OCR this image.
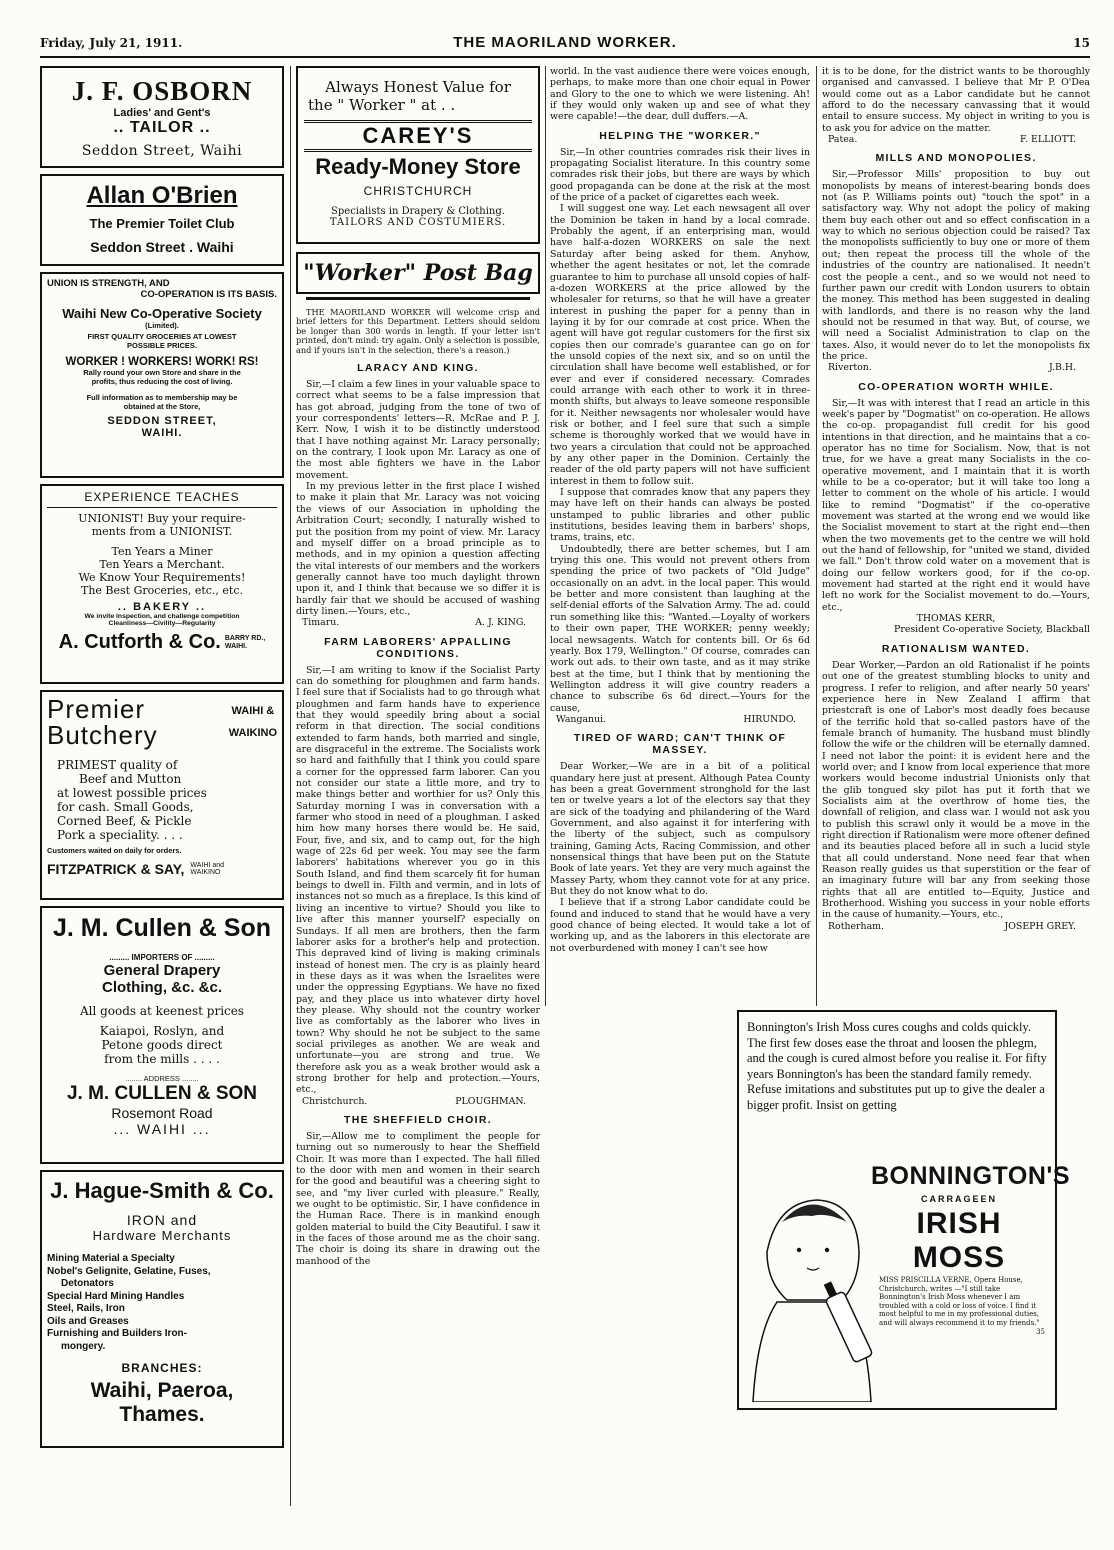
Friday, July 21, 1911.	THE MAORILAND WORKER.	15
J. F. OSBORN
Ladies' and Gent's
.. TAILOR ..
Seddon Street, Waihi
Allan O'Brien
The Premier Toilet Club
Seddon Street . Waihi
UNION IS STRENGTH, AND
CO-OPERATION IS ITS BASIS.
Waihi New Co-Operative Society
(Limited).
FIRST QUALITY GROCERIES AT LOWEST
POSSIBLE PRICES.
WORKER ! WORKERS! WORK! RS!
Rally round your own Store and share in the
profits, thus reducing the cost of living.
Full information as to membership may be
obtained at the Store,
SEDDON STREET,
WAIHI.
EXPERIENCE TEACHES
UNIONIST! Buy your require-
ments from a UNIONIST.
Ten Years a Miner
Ten Years a Merchant.
We Know Your Requirements!
The Best Groceries, etc., etc.
.. BAKERY ..
We invite inspection, and challenge competition
Cleanliness—Civility—Regularity
A. Cutforth & Co. BARRY RD.,
WAIHI.
Premier
Butchery
WAIHI &
WAIKINO
PRIMEST quality of
Beef and Mutton
at lowest possible prices
for cash. Small Goods,
Corned Beef, & Pickle
Pork a speciality. . . .
Customers waited on daily for orders.
FITZPATRICK & SAY, WAIHI and
WAIKINO
J. M. Cullen & Son
......... IMPORTERS OF .........
General Drapery
Clothing, &c. &c.
All goods at keenest prices
Kaiapoi, Roslyn, and
Petone goods direct
from the mills . . . .
........ ADDRESS ........
J. M. CULLEN & SON
Rosemont Road
... WAIHI ...
J. Hague-Smith & Co.
IRON and
Hardware Merchants
Mining Material a Specialty
Nobel's Gelignite, Gelatine, Fuses,
Detonators
Special Hard Mining Handles
Steel, Rails, Iron
Oils and Greases
Furnishing and Builders Iron-
mongery.
BRANCHES:
Waihi, Paeroa, Thames.
Always Honest Value for
the " Worker " at . .
CAREY'S
Ready-Money Store
CHRISTCHURCH
Specialists in Drapery & Clothing.
TAILORS AND COSTUMIERS.
"Worker" Post Bag

THE MAORILAND WORKER will welcome crisp and brief letters for this Department. Letters should seldom be longer than 300 words in length. If your letter isn't printed, don't mind: try again. Only a selection is possible, and if yours isn't in the selection, there's a reason.)

LARACY AND KING.

Sir,—I claim a few lines in your valuable space to correct what seems to be a false impression that has got abroad, judging from the tone of two of your correspondents' letters—R. McRae and P. J. Kerr. Now, I wish it to be distinctly understood that I have nothing against Mr. Laracy personally; on the contrary, I look upon Mr. Laracy as one of the most able fighters we have in the Labor movement.

In my previous letter in the first place I wished to make it plain that Mr. Laracy was not voicing the views of our Association in upholding the Arbitration Court; secondly, I naturally wished to put the position from my point of view. Mr. Laracy and myself differ on a broad principle as to methods, and in my opinion a question affecting the vital interests of our members and the workers generally cannot have too much daylight thrown upon it, and I think that because we so differ it is hardly fair that we should be accused of washing dirty linen.—Yours, etc.,

Timaru.	A. J. KING.
FARM LABORERS' APPALLING CONDITIONS.

Sir,—I am writing to know if the Socialist Party can do something for ploughmen and farm hands. I feel sure that if Socialists had to go through what ploughmen and farm hands have to experience that they would speedily bring about a social reform in that direction. The social conditions extended to farm hands, both married and single, are disgraceful in the extreme. The Socialists work so hard and faithfully that I think you could spare a corner for the oppressed farm laborer. Can you not consider our state a little more, and try to make things better and worthier for us? Only this Saturday morning I was in conversation with a farmer who stood in need of a ploughman. I asked him how many horses there would be. He said, Four, five, and six, and to camp out, for the high wage of 22s 6d per week. You may see the farm laborers' habitations wherever you go in this South Island, and find them scarcely fit for human beings to dwell in. Filth and vermin, and in lots of instances not so much as a fireplace. Is this kind of living an incentive to virtue? Should you like to live after this manner yourself? especially on Sundays. If all men are brothers, then the farm laborer asks for a brother's help and protection. This depraved kind of living is making criminals instead of honest men. The cry is as plainly heard in these days as it was when the Israelites were under the oppressing Egyptians. We have no fixed pay, and they place us into whatever dirty hovel they please. Why should not the country worker live as comfortably as the laborer who lives in town? Why should he not be subject to the same social privileges as another. We are weak and unfortunate—you are strong and true. We therefore ask you as a weak brother would ask a strong brother for help and protection.—Yours, etc.,

Christchurch.	PLOUGHMAN.
THE SHEFFIELD CHOIR.

Sir,—Allow me to compliment the people for turning out so numerously to hear the Sheffield Choir. It was more than I expected. The hall filled to the door with men and women in their search for the good and beautiful was a cheering sight to see, and "my liver curled with pleasure." Really, we ought to be optimistic. Sir, I have confidence in the Human Race. There is in mankind enough golden material to build the City Beautiful. I saw it in the faces of those around me as the choir sang. The choir is doing its share in drawing out the manhood of the

world. In the vast audience there were voices enough, perhaps, to make more than one choir equal in Power and Glory to the one to which we were listening. Ah! if they would only waken up and see of what they were capable!—the dear, dull duffers.—A.

HELPING THE "WORKER."

Sir,—In other countries comrades risk their lives in propagating Socialist literature. In this country some comrades risk their jobs, but there are ways by which good propaganda can be done at the risk at the most of the price of a packet of cigarettes each week.

I will suggest one way. Let each newsagent all over the Dominion be taken in hand by a local comrade. Probably the agent, if an enterprising man, would have half-a-dozen WORKERS on sale the next Saturday after being asked for them. Anyhow, whether the agent hesitates or not, let the comrade guarantee to him to purchase all unsold copies of half-a-dozen WORKERS at the price allowed by the wholesaler for returns, so that he will have a greater interest in pushing the paper for a penny than in laying it by for our comrade at cost price. When the agent will have got regular customers for the first six copies then our comrade's guarantee can go on for the unsold copies of the next six, and so on until the circulation shall have become well established, or for ever and ever if considered necessary. Comrades could arrange with each other to work it in three-month shifts, but always to leave someone responsible for it. Neither newsagents nor wholesaler would have risk or bother, and I feel sure that such a simple scheme is thoroughly worked that we would have in two years a circulation that could not be approached by any other paper in the Dominion. Certainly the reader of the old party papers will not have sufficient interest in them to follow suit.

I suppose that comrades know that any papers they may have left on their hands can always be posted unstamped to public libraries and other public institutions, besides leaving them in barbers' shops, trams, trains, etc.

Undoubtedly, there are better schemes, but I am trying this one. This would not prevent others from spending the price of two packets of "Old Judge" occasionally on an advt. in the local paper. This would be better and more consistent than laughing at the self-denial efforts of the Salvation Army. The ad. could run something like this: "Wanted.—Loyalty of workers to their own paper, THE WORKER; penny weekly; local newsagents. Watch for contents bill. Or 6s 6d yearly. Box 179, Wellington." Of course, comrades can work out ads. to their own taste, and as it may strike best at the time, but I think that by mentioning the Wellington address it will give country readers a chance to subscribe 6s 6d direct.—Yours for the cause,

Wanganui.	HIRUNDO.
TIRED OF WARD; CAN'T THINK OF MASSEY.

Dear Worker,—We are in a bit of a political quandary here just at present. Although Patea County has been a great Government stronghold for the last ten or twelve years a lot of the electors say that they are sick of the toadying and philandering of the Ward Government, and also against it for interfering with the liberty of the subject, such as compulsory training, Gaming Acts, Racing Commission, and other nonsensical things that have been put on the Statute Book of late years. Yet they are very much against the Massey Party, whom they cannot vote for at any price. But they do not know what to do.

I believe that if a strong Labor candidate could be found and induced to stand that he would have a very good chance of being elected. It would take a lot of working up, and as the laborers in this electorate are not overburdened with money I can't see how

it is to be done, for the district wants to be thoroughly organised and canvassed. I believe that Mr P. O'Dea would come out as a Labor candidate but he cannot afford to do the necessary canvassing that it would entail to ensure success. My object in writing to you is to ask you for advice on the matter.

Patea.	F. ELLIOTT.
MILLS AND MONOPOLIES.

Sir,—Professor Mills' proposition to buy out monopolists by means of interest-bearing bonds does not (as P. Williams points out) "touch the spot" in a satisfactory way. Why not adopt the policy of making them buy each other out and so effect confiscation in a way to which no serious objection could be raised? Tax the monopolists sufficiently to buy one or more of them out; then repeat the process till the whole of the industries of the country are nationalised. It needn't cost the people a cent., and so we would not need to further pawn our credit with London usurers to obtain the money. This method has been suggested in dealing with landlords, and there is no reason why the land should not be resumed in that way. But, of course, we will need a Socialist Administration to clap on the taxes. Also, it would never do to let the monopolists fix the price.

Riverton.	J.B.H.
CO-OPERATION WORTH WHILE.

Sir,—It was with interest that I read an article in this week's paper by "Dogmatist" on co-operation. He allows the co-op. propagandist full credit for his good intentions in that direction, and he maintains that a co-operator has no time for Socialism. Now, that is not true, for we have a great many Socialists in the co-operative movement, and I maintain that it is worth while to be a co-operator; but it will take too long a letter to comment on the whole of his article. I would like to remind "Dogmatist" if the co-operative movement was started at the wrong end we would like the Socialist movement to start at the right end—then when the two movements get to the centre we will hold out the hand of fellowship, for "united we stand, divided we fall." Don't throw cold water on a movement that is doing our fellow workers good, for if the co-op. movement had started at the right end it would have left no work for the Socialist movement to do.—Yours, etc.,

THOMAS KERR,
President Co-operative Society, Blackball
RATIONALISM WANTED.

Dear Worker,—Pardon an old Rationalist if he points out one of the greatest stumbling blocks to unity and progress. I refer to religion, and after nearly 50 years' experience here in New Zealand I affirm that priestcraft is one of Labor's most deadly foes because of the terrific hold that so-called pastors have of the female branch of humanity. The husband must blindly follow the wife or the children will be eternally damned. I need not labor the point: it is evident here and the world over; and I know from local experience that more workers would become industrial Unionists only that the glib tongued sky pilot has put it forth that we Socialists aim at the overthrow of home ties, the downfall of religion, and class war. I would not ask you to publish this scrawl only it would be a move in the right direction if Rationalism were more oftener defined and its beauties placed before all in such a lucid style that all could understand. None need fear that when Reason really guides us that superstition or the fear of an imaginary future will bar any from seeking those rights that all are entitled to—Equity, Justice and Brotherhood. Wishing you success in your noble efforts in the cause of humanity.—Yours, etc.,

Rotherham.	JOSEPH GREY.
Bonnington's Irish Moss cures coughs and colds quickly. The first few doses ease the throat and loosen the phlegm, and the cough is cured almost before you realise it. For fifty years Bonnington's has been the standard family remedy. Refuse imitations and substitutes put up to give the dealer a bigger profit. Insist on getting
BONNINGTON'S
CARRAGEEN
IRISH MOSS
MISS PRISCILLA VERNE, Opera House, Christchurch, writes —"I still take Bonnington's Irish Moss whenever I am troubled with a cold or loss of voice. I find it most helpful to me in my professional duties, and will always recommend it to my friends."
35
